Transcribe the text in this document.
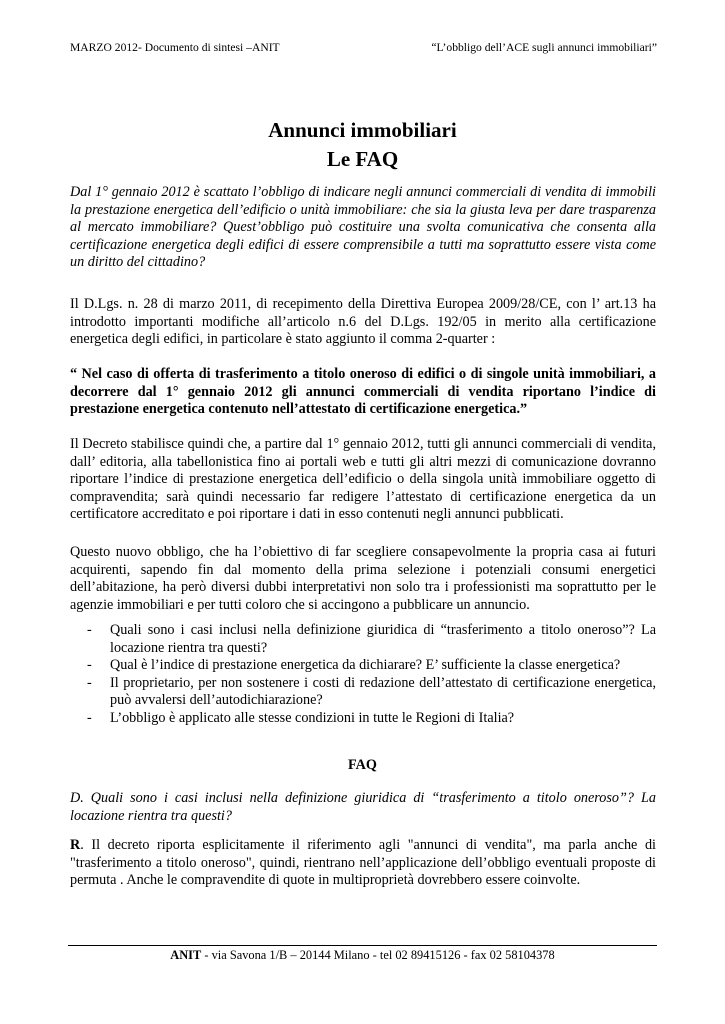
MARZO 2012- Documento di sintesi –ANIT	“L’obbligo dell’ACE sugli annunci immobiliari”
Annunci immobiliari
Le FAQ
Dal 1° gennaio 2012 è scattato l’obbligo di indicare negli annunci commerciali di vendita di immobili la prestazione energetica dell’edificio o unità immobiliare: che sia la giusta leva per dare trasparenza al mercato immobiliare? Quest’obbligo può costituire una svolta comunicativa che consenta alla certificazione energetica degli edifici di essere comprensibile a tutti ma soprattutto essere vista come un diritto del cittadino?
Il D.Lgs. n. 28 di marzo 2011, di recepimento della Direttiva Europea 2009/28/CE, con l’ art.13 ha introdotto importanti modifiche all’articolo n.6 del D.Lgs. 192/05 in merito alla certificazione energetica degli edifici, in particolare è stato aggiunto il comma 2-quarter :
“ Nel caso di offerta di trasferimento a titolo oneroso di edifici o di singole unità immobiliari, a decorrere dal 1° gennaio 2012 gli annunci commerciali di vendita riportano l’indice di prestazione energetica contenuto nell’attestato di certificazione energetica.”
Il Decreto stabilisce quindi che, a partire dal 1° gennaio 2012, tutti gli annunci commerciali di vendita, dall’ editoria, alla tabellonistica fino ai portali web e tutti gli altri mezzi di comunicazione dovranno riportare l’indice di prestazione energetica dell’edificio o della singola unità immobiliare oggetto di compravendita; sarà quindi necessario far redigere l’attestato di certificazione energetica da un certificatore accreditato e poi riportare i dati in esso contenuti negli annunci pubblicati.
Questo nuovo obbligo, che ha l’obiettivo di far scegliere consapevolmente la propria casa ai futuri acquirenti, sapendo fin dal momento della prima selezione i potenziali consumi energetici dell’abitazione, ha però diversi dubbi interpretativi non solo tra i professionisti ma soprattutto per le agenzie immobiliari e per tutti coloro che si accingono a pubblicare un annuncio.
- Quali sono i casi inclusi nella definizione giuridica di “trasferimento a titolo oneroso”? La locazione rientra tra questi?
- Qual è l’indice di prestazione energetica da dichiarare? E’ sufficiente la classe energetica?
- Il proprietario, per non sostenere i costi di redazione dell’attestato di certificazione energetica, può avvalersi dell’autodichiarazione?
- L’obbligo è applicato alle stesse condizioni in tutte le Regioni di Italia?
FAQ
D. Quali sono i casi inclusi nella definizione giuridica di “trasferimento a titolo oneroso”? La locazione rientra tra questi?
R. Il decreto riporta esplicitamente il riferimento agli "annunci di vendita", ma parla anche di "trasferimento a titolo oneroso", quindi, rientrano nell’applicazione dell’obbligo eventuali proposte di permuta . Anche le compravendite di quote in multiproprietà dovrebbero essere coinvolte.
ANIT - via Savona 1/B – 20144 Milano - tel 02 89415126 - fax 02 58104378
